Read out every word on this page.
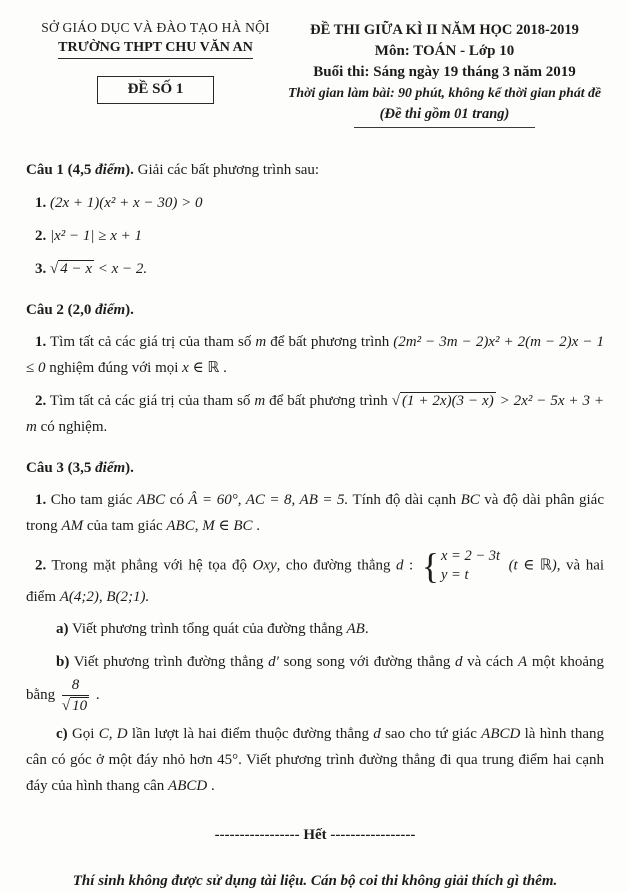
SỞ GIÁO DỤC VÀ ĐÀO TẠO HÀ NỘI
TRƯỜNG THPT CHU VĂN AN
ĐỀ SỐ 1
ĐỀ THI GIỮA KÌ II NĂM HỌC 2018-2019
Môn: TOÁN - Lớp 10
Buổi thi: Sáng ngày 19 tháng 3 năm 2019
Thời gian làm bài: 90 phút, không kể thời gian phát đề
(Đề thi gồm 01 trang)

Câu 1 (4,5 điểm). Giải các bất phương trình sau:

1. (2x + 1)(x² + x − 30) > 0

2. |x² − 1| ≥ x + 1

3. √ 4 − x < x − 2.

Câu 2 (2,0 điểm).

1. Tìm tất cả các giá trị của tham số m để bất phương trình (2m² − 3m − 2)x² + 2(m − 2)x − 1 ≤ 0 nghiệm đúng với mọi x ∈ ℝ .

2. Tìm tất cả các giá trị của tham số m để bất phương trình √ (1 + 2x)(3 − x) > 2x² − 5x + 3 + m có nghiệm.

Câu 3 (3,5 điểm).

1. Cho tam giác ABC có Â = 60°, AC = 8, AB = 5. Tính độ dài cạnh BC và độ dài phân giác trong AM của tam giác ABC, M ∈ BC .

2. Trong mặt phẳng với hệ tọa độ Oxy, cho đường thẳng d : { x = 2 − 3t
y = t
(t ∈ ℝ), và hai điểm A(4;2), B(2;1).

a) Viết phương trình tổng quát của đường thẳng AB.

b) Viết phương trình đường thẳng d′ song song với đường thẳng d và cách A một khoảng bằng $\frac{8}{√ 10}$ .

c) Gọi C, D lần lượt là hai điểm thuộc đường thẳng d sao cho tứ giác ABCD là hình thang cân có góc ở một đáy nhỏ hơn 45°. Viết phương trình đường thẳng đi qua trung điểm hai cạnh đáy của hình thang cân ABCD .

----------------- Hết -----------------

Thí sinh không được sử dụng tài liệu. Cán bộ coi thi không giải thích gì thêm.
